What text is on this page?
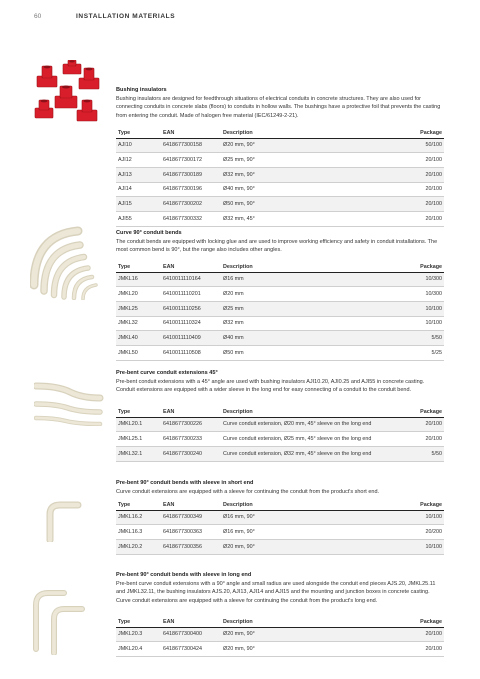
60	INSTALLATION MATERIALS
Bushing insulators
Bushing insulators are designed for feedthrough situations of electrical conduits in concrete structures. They are also used for connecting conduits in concrete slabs (floors) to conduits in hollow walls. The bushings have a protective foil that prevents the casting from entering the conduit. Made of halogen free material (IEC/61249-2-21).
Type	EAN	Description	Package
AJI10	6418677300158	Ø20 mm, 90°	50/100
AJI12	6418677300172	Ø25 mm, 90°	20/100
AJI13	6418677300189	Ø32 mm, 90°	20/100
AJI14	6418677300196	Ø40 mm, 90°	20/100
AJI15	6418677300202	Ø50 mm, 90°	20/100
AJI55	6418677300332	Ø32 mm, 45°	20/100
Curve 90° conduit bends
The conduit bends are equipped with locking glue and are used to improve working efficiency and safety in conduit installations. The most common bend is 90°, but the range also includes other angles.
Type	EAN	Description	Package
JMKL16	6410011110164	Ø16 mm	10/300
JMKL20	6410011110201	Ø20 mm	10/300
JMKL25	6410011110256	Ø25 mm	10/100
JMKL32	6410011110324	Ø32 mm	10/100
JMKL40	6410011110409	Ø40 mm	5/50
JMKL50	6410011110508	Ø50 mm	5/25
Pre-bent curve conduit extensions 45°
Pre-bent conduit extensions with a 45° angle are used with bushing insulators AJI10.20, AJI0.25 and AJI55 in concrete casting. Conduit extensions are equipped with a wider sleeve in the long end for easy connecting of a conduit to the conduit bend.
Type	EAN	Description	Package
JMKL20.1	6418677300226	Curve conduit extension, Ø20 mm, 45° sleeve on the long end	20/100
JMKL25.1	6418677300233	Curve conduit extension, Ø25 mm, 45° sleeve on the long end	20/100
JMKL32.1	6418677300240	Curve conduit extension, Ø32 mm, 45° sleeve on the long end	5/50
Pre-bent 90° conduit bends with sleeve in short end
Curve conduit extensions are equipped with a sleeve for continuing the conduit from the product's short end.
Type	EAN	Description	Package
JMKL16.2	6418677300349	Ø16 mm, 90°	10/100
JMKL16.3	6418677300363	Ø16 mm, 90°	20/200
JMKL20.2	6418677300356	Ø20 mm, 90°	10/100
Pre-bent 90° conduit bends with sleeve in long end
Pre-bent curve conduit extensions with a 90° angle and small radius are used alongside the conduit end pieces AJS.20, JMKL25.11 and JMKL32.11, the bushing insulators AJS.20, AJI13, AJI14 and AJI15 and the mounting and junction boxes in concrete casting. Curve conduit extensions are equipped with a sleeve for continuing the conduit from the product's long end.
Type	EAN	Description	Package
JMKL20.3	6418677300400	Ø20 mm, 90°	20/100
JMKL20.4	6418677300424	Ø20 mm, 90°	20/100
